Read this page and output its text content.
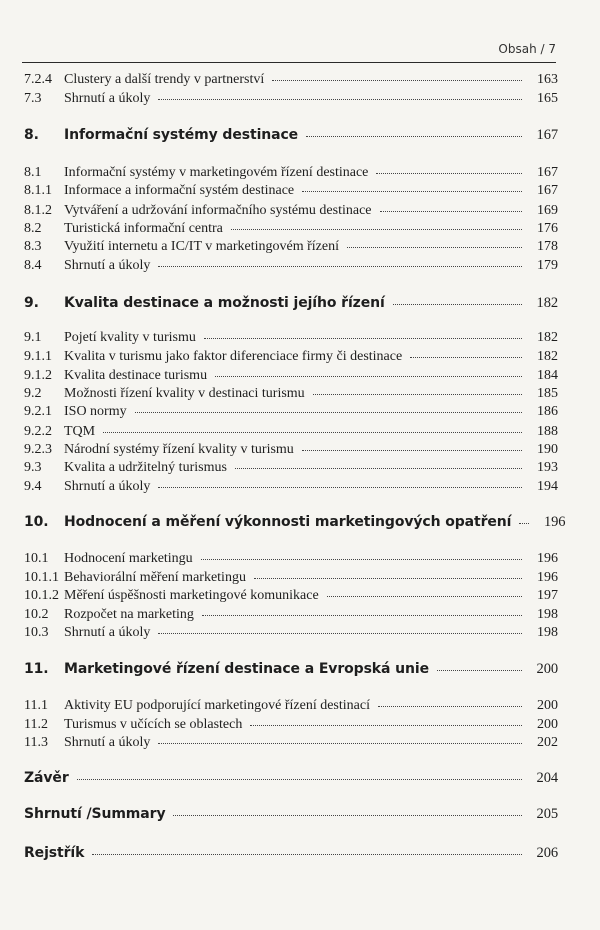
Obsah / 7
7.2.4 Clustery a další trendy v partnerství	163
7.3	Shrnutí a úkoly	165
8.	Informační systémy destinace	167
8.1	Informační systémy v marketingovém řízení destinace	167
8.1.1 Informace a informační systém destinace	167
8.1.2 Vytváření a udržování informačního systému destinace	169
8.2	Turistická informační centra	176
8.3	Využití internetu a IC/IT v marketingovém řízení	178
8.4	Shrnutí a úkoly	179
9.	Kvalita destinace a možnosti jejího řízení	182
9.1	Pojetí kvality v turismu	182
9.1.1 Kvalita v turismu jako faktor diferenciace firmy či destinace	182
9.1.2 Kvalita destinace turismu	184
9.2	Možnosti řízení kvality v destinaci turismu	185
9.2.1 ISO normy	186
9.2.2 TQM	188
9.2.3 Národní systémy řízení kvality v turismu	190
9.3	Kvalita a udržitelný turismus	193
9.4	Shrnutí a úkoly	194
10.	Hodnocení a měření výkonnosti marketingových opatření	196
10.1	Hodnocení marketingu	196
10.1.1 Behaviorální měření marketingu	196
10.1.2 Měření úspěšnosti marketingové komunikace	197
10.2	Rozpočet na marketing	198
10.3	Shrnutí a úkoly	198
11.	Marketingové řízení destinace a Evropská unie	200
11.1	Aktivity EU podporující marketingové řízení destinací	200
11.2	Turismus v učících se oblastech	200
11.3	Shrnutí a úkoly	202
Závěr	204
Shrnutí /Summary	205
Rejstřík	206
